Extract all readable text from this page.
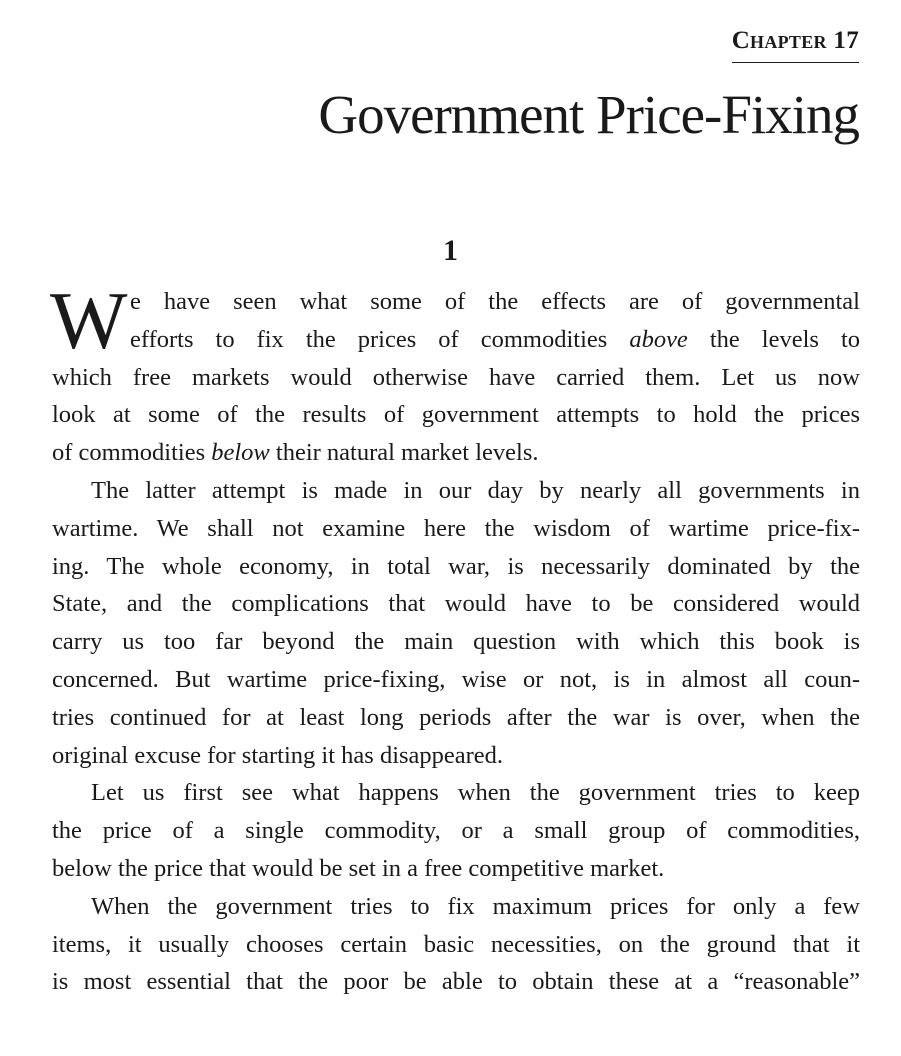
Chapter 17
Government Price-Fixing
1

W e have seen what some of the effects are of governmental
efforts to fix the prices of commodities above the levels to
which free markets would otherwise have carried them. Let us now
look at some of the results of government attempts to hold the prices
of commodities below their natural market levels.

The latter attempt is made in our day by nearly all governments in
wartime. We shall not examine here the wisdom of wartime price-fix-
ing. The whole economy, in total war, is necessarily dominated by the
State, and the complications that would have to be considered would
carry us too far beyond the main question with which this book is
concerned. But wartime price-fixing, wise or not, is in almost all coun-
tries continued for at least long periods after the war is over, when the
original excuse for starting it has disappeared.

Let us first see what happens when the government tries to keep
the price of a single commodity, or a small group of commodities,
below the price that would be set in a free competitive market.

When the government tries to fix maximum prices for only a few
items, it usually chooses certain basic necessities, on the ground that it
is most essential that the poor be able to obtain these at a “reasonable”
